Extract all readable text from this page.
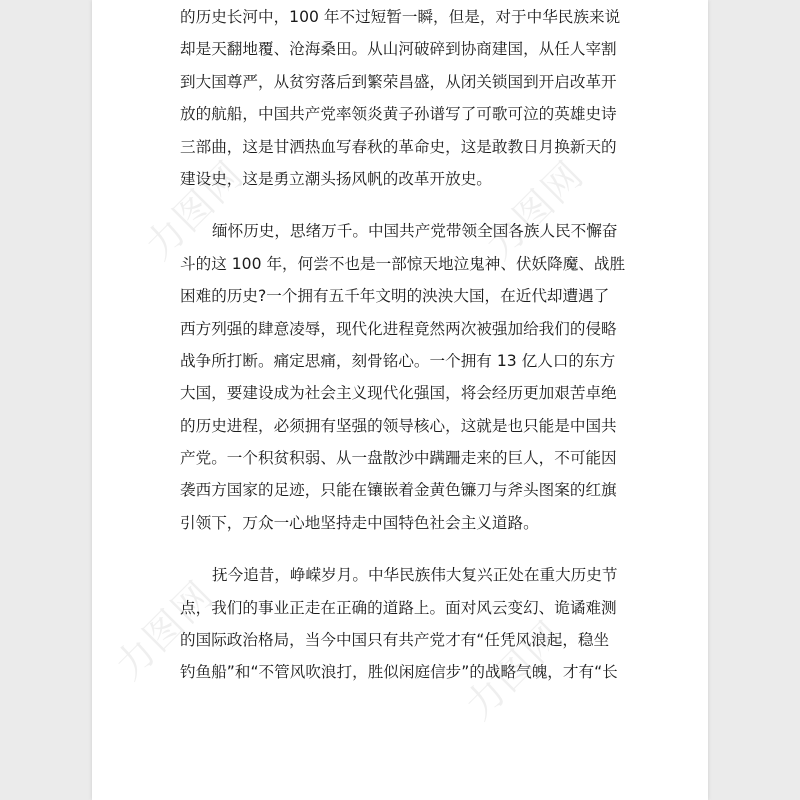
力图网	力图网
力图网	力图网
的历史长河中，100 年不过短暂一瞬，但是，对于中华民族来说
却是天翻地覆、沧海桑田。从山河破碎到协商建国，从任人宰割
到大国尊严，从贫穷落后到繁荣昌盛，从闭关锁国到开启改革开
放的航船，中国共产党率领炎黄子孙谱写了可歌可泣的英雄史诗
三部曲，这是甘洒热血写春秋的革命史，这是敢教日月换新天的
建设史，这是勇立潮头扬风帆的改革开放史。
缅怀历史，思绪万千。中国共产党带领全国各族人民不懈奋
斗的这 100 年，何尝不也是一部惊天地泣鬼神、伏妖降魔、战胜
困难的历史?一个拥有五千年文明的泱泱大国，在近代却遭遇了
西方列强的肆意凌辱，现代化进程竟然两次被强加给我们的侵略
战争所打断。痛定思痛，刻骨铭心。一个拥有 13 亿人口的东方
大国，要建设成为社会主义现代化强国，将会经历更加艰苦卓绝
的历史进程，必须拥有坚强的领导核心，这就是也只能是中国共
产党。一个积贫积弱、从一盘散沙中蹒跚走来的巨人，不可能因
袭西方国家的足迹，只能在镶嵌着金黄色镰刀与斧头图案的红旗
引领下，万众一心地坚持走中国特色社会主义道路。
抚今追昔，峥嵘岁月。中华民族伟大复兴正处在重大历史节
点，我们的事业正走在正确的道路上。面对风云变幻、诡谲难测
的国际政治格局，当今中国只有共产党才有“任凭风浪起，稳坐
钓鱼船”和“不管风吹浪打，胜似闲庭信步”的战略气魄，才有“长
